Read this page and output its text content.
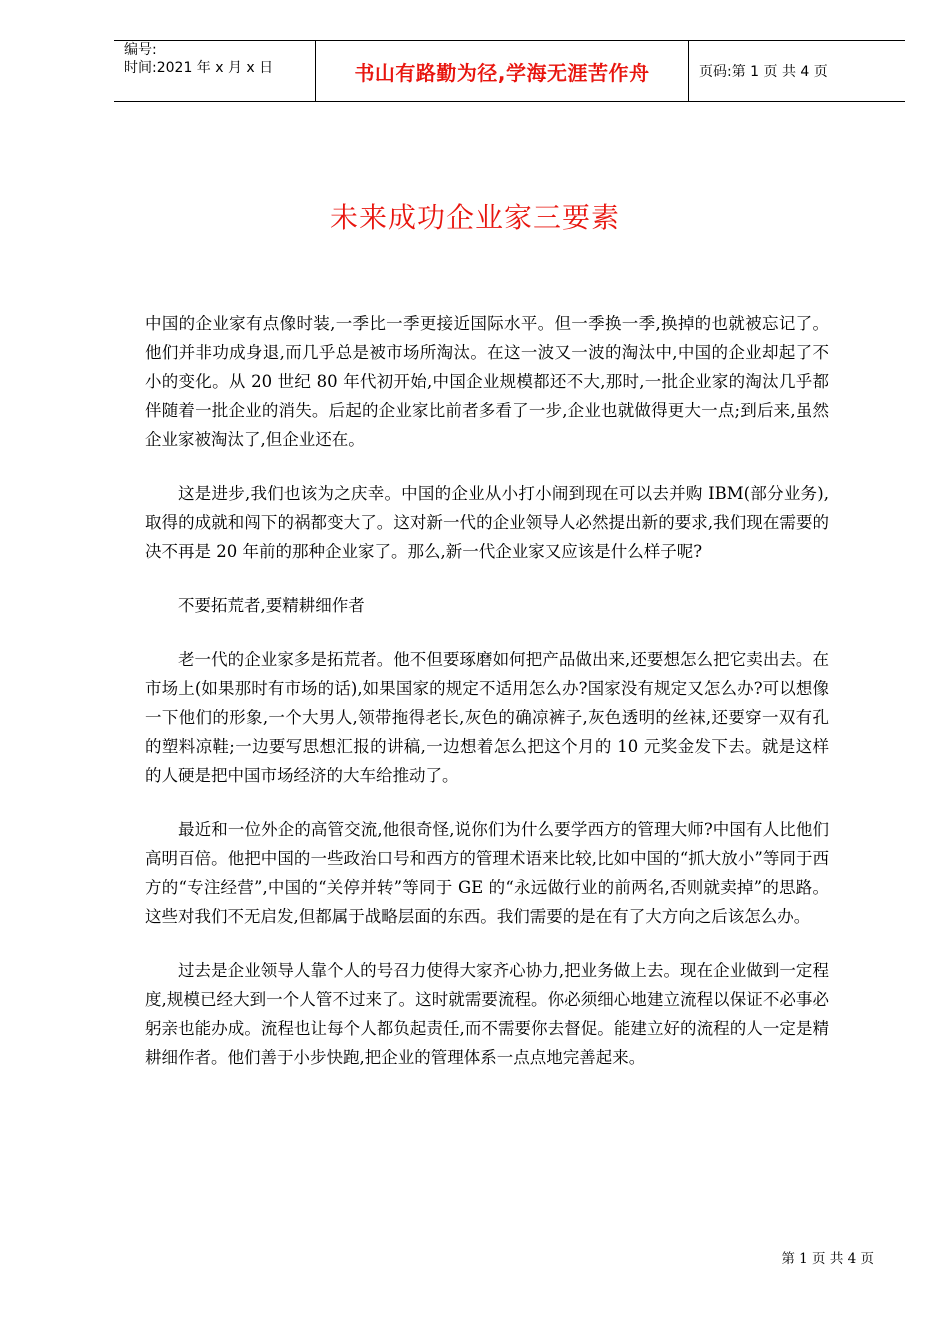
编号:
时间:2021 年 x 月 x 日	书山有路勤为径,学海无涯苦作舟	页码:第 1 页 共 4 页
未来成功企业家三要素

中国的企业家有点像时装,一季比一季更接近国际水平。但一季换一季,换掉的也就被忘记了。他们并非功成身退,而几乎总是被市场所淘汰。在这一波又一波的淘汰中,中国的企业却起了不小的变化。从 20 世纪 80 年代初开始,中国企业规模都还不大,那时,一批企业家的淘汰几乎都伴随着一批企业的消失。后起的企业家比前者多看了一步,企业也就做得更大一点;到后来,虽然企业家被淘汰了,但企业还在。

这是进步,我们也该为之庆幸。中国的企业从小打小闹到现在可以去并购 IBM(部分业务),取得的成就和闯下的祸都变大了。这对新一代的企业领导人必然提出新的要求,我们现在需要的决不再是 20 年前的那种企业家了。那么,新一代企业家又应该是什么样子呢?

不要拓荒者,要精耕细作者

老一代的企业家多是拓荒者。他不但要琢磨如何把产品做出来,还要想怎么把它卖出去。在市场上(如果那时有市场的话),如果国家的规定不适用怎么办?国家没有规定又怎么办?可以想像一下他们的形象,一个大男人,领带拖得老长,灰色的确凉裤子,灰色透明的丝袜,还要穿一双有孔的塑料凉鞋;一边要写思想汇报的讲稿,一边想着怎么把这个月的 10 元奖金发下去。就是这样的人硬是把中国市场经济的大车给推动了。

最近和一位外企的高管交流,他很奇怪,说你们为什么要学西方的管理大师?中国有人比他们高明百倍。他把中国的一些政治口号和西方的管理术语来比较,比如中国的“抓大放小”等同于西方的“专注经营”,中国的“关停并转”等同于 GE 的“永远做行业的前两名,否则就卖掉”的思路。这些对我们不无启发,但都属于战略层面的东西。我们需要的是在有了大方向之后该怎么办。

过去是企业领导人靠个人的号召力使得大家齐心协力,把业务做上去。现在企业做到一定程度,规模已经大到一个人管不过来了。这时就需要流程。你必须细心地建立流程以保证不必事必躬亲也能办成。流程也让每个人都负起责任,而不需要你去督促。能建立好的流程的人一定是精耕细作者。他们善于小步快跑,把企业的管理体系一点点地完善起来。

第 1 页 共 4 页
